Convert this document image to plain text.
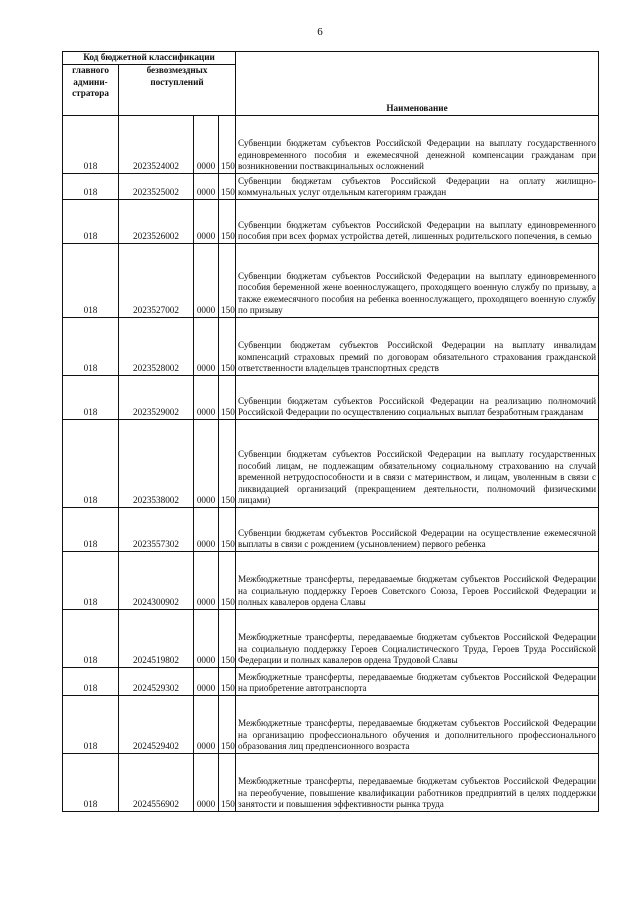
6
Код бюджетной классификации				Наименование
главного админи-стратора	безвозмездных поступлений			
018	2023524002	0000	150	Субвенции бюджетам субъектов Российской Федерации на выплату государственного единовременного пособия и ежемесячной денежной компенсации гражданам при возникновении поствакцинальных осложнений
018	2023525002	0000	150	Субвенции бюджетам субъектов Российской Федерации на оплату жилищно-коммунальных услуг отдельным категориям граждан
018	2023526002	0000	150	Субвенции бюджетам субъектов Российской Федерации на выплату единовременного пособия при всех формах устройства детей, лишенных родительского попечения, в семью
018	2023527002	0000	150	Субвенции бюджетам субъектов Российской Федерации на выплату единовременного пособия беременной жене военнослужащего, проходящего военную службу по призыву, а также ежемесячного пособия на ребенка военнослужащего, проходящего военную службу по призыву
018	2023528002	0000	150	Субвенции бюджетам субъектов Российской Федерации на выплату инвалидам компенсаций страховых премий по договорам обязательного страхования гражданской ответственности владельцев транспортных средств
018	2023529002	0000	150	Субвенции бюджетам субъектов Российской Федерации на реализацию полномочий Российской Федерации по осуществлению социальных выплат безработным гражданам
018	2023538002	0000	150	Субвенции бюджетам субъектов Российской Федерации на выплату государственных пособий лицам, не подлежащим обязательному социальному страхованию на случай временной нетрудоспособности и в связи с материнством, и лицам, уволенным в связи с ликвидацией организаций (прекращением деятельности, полномочий физическими лицами)
018	2023557302	0000	150	Субвенции бюджетам субъектов Российской Федерации на осуществление ежемесячной выплаты в связи с рождением (усыновлением) первого ребенка
018	2024300902	0000	150	Межбюджетные трансферты, передаваемые бюджетам субъектов Российской Федерации на социальную поддержку Героев Советского Союза, Героев Российской Федерации и полных кавалеров ордена Славы
018	2024519802	0000	150	Межбюджетные трансферты, передаваемые бюджетам субъектов Российской Федерации на социальную поддержку Героев Социалистического Труда, Героев Труда Российской Федерации и полных кавалеров ордена Трудовой Славы
018	2024529302	0000	150	Межбюджетные трансферты, передаваемые бюджетам субъектов Российской Федерации на приобретение автотранспорта
018	2024529402	0000	150	Межбюджетные трансферты, передаваемые бюджетам субъектов Российской Федерации на организацию профессионального обучения и дополнительного профессионального образования лиц предпенсионного возраста
018	2024556902	0000	150	Межбюджетные трансферты, передаваемые бюджетам субъектов Российской Федерации на переобучение, повышение квалификации работников предприятий в целях поддержки занятости и повышения эффективности рынка труда
